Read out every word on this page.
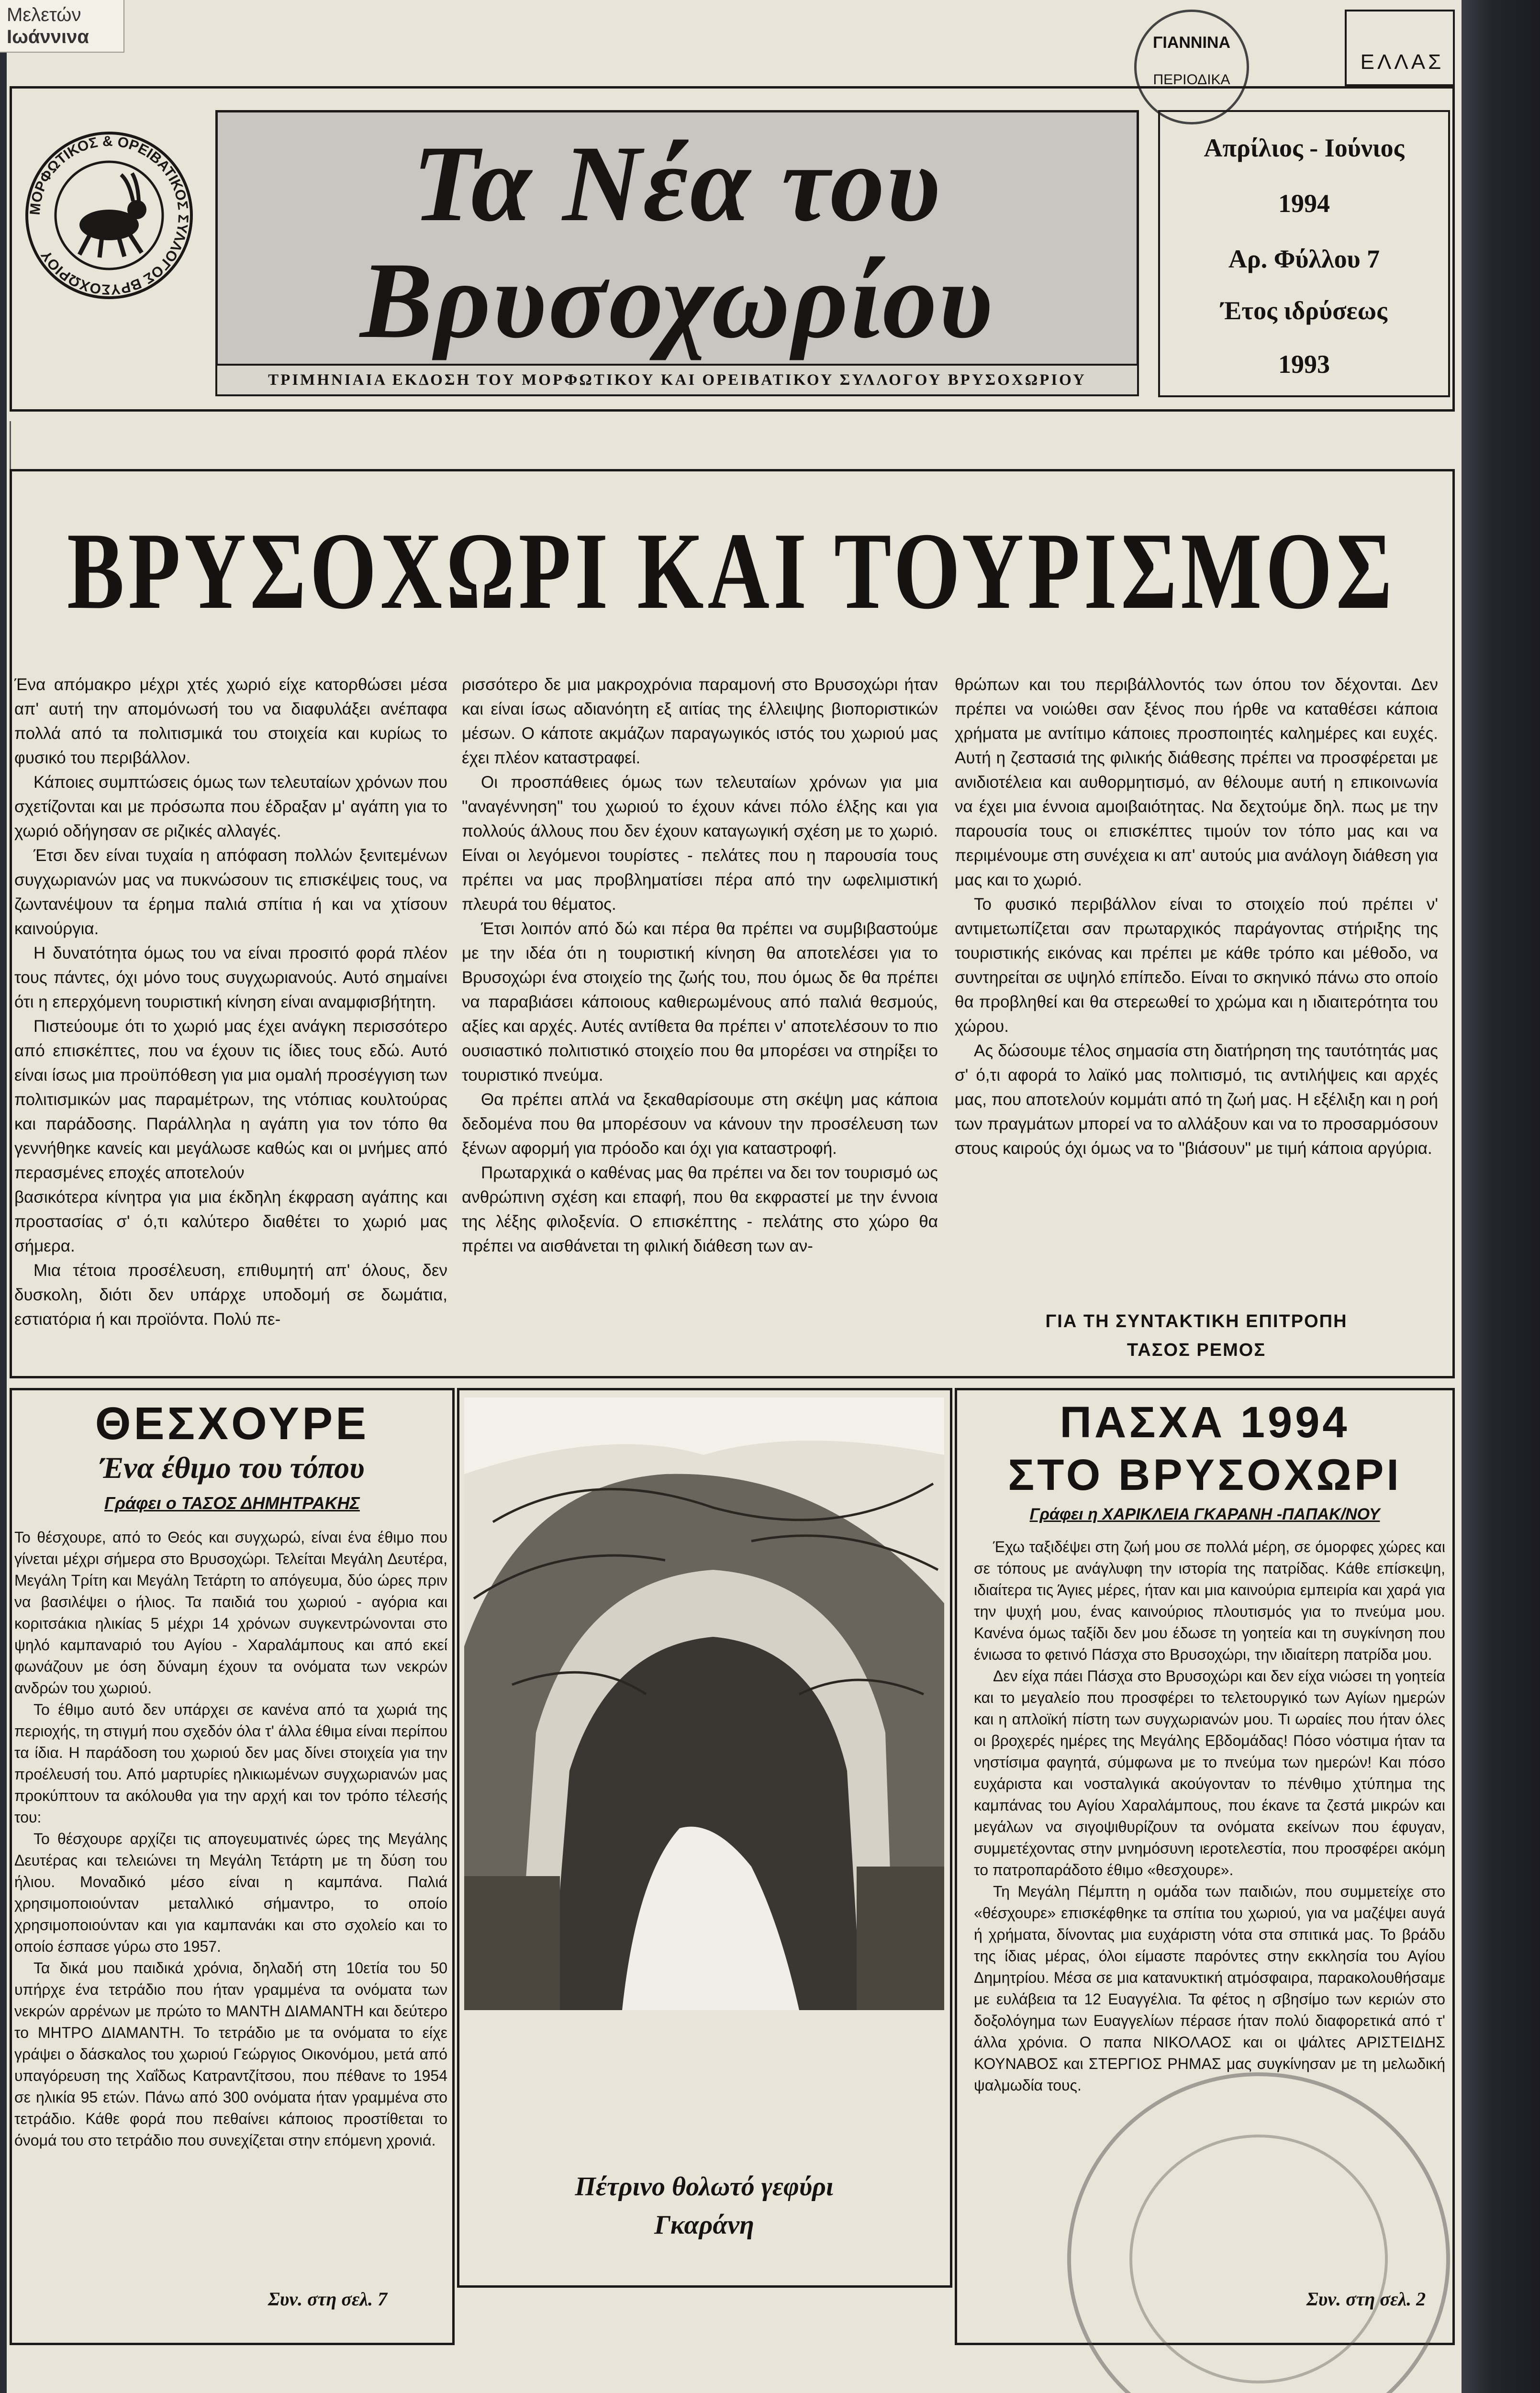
Μελετών
Ιωάννινα	ΓΙΑΝΝΙΝΑ
ΠΕΡΙΟΔΙΚΑ
ΕΛΛΑΣ
ΜΟΡΦΩΤΙΚΟΣ & ΟΡΕΙΒΑΤΙΚΟΣ ΣΥΛΛΟΓΟΣ ΒΡΥΣΟΧΩΡΙΟΥ
Τα Νέα του
Βρυσοχωρίου
ΤΡΙΜΗΝΙΑΙΑ ΕΚΔΟΣΗ ΤΟΥ ΜΟΡΦΩΤΙΚΟΥ ΚΑΙ ΟΡΕΙΒΑΤΙΚΟΥ ΣΥΛΛΟΓΟΥ ΒΡΥΣΟΧΩΡΙΟΥ
Απρίλιος - Ιούνιος
1994
Αρ. Φύλλου 7
Έτος ιδρύσεως
1993
ΒΡΥΣΟΧΩΡΙ ΚΑΙ ΤΟΥΡΙΣΜΟΣ

Ένα απόμακρο μέχρι χτές χωριό είχε κατορθώσει μέσα απ' αυτή την απομόνωσή του να διαφυλάξει ανέπαφα πολλά από τα πολιτισμικά του στοιχεία και κυρίως το φυσικό του περιβάλλον.

Κάποιες συμπτώσεις όμως των τελευταίων χρόνων που σχετίζονται και με πρόσωπα που έδραξαν μ' αγάπη για το χωριό οδήγησαν σε ριζικές αλλαγές.

Έτσι δεν είναι τυχαία η απόφαση πολλών ξενιτεμένων συγχωριανών μας να πυκνώσουν τις επισκέψεις τους, να ζωντανέψουν τα έρημα παλιά σπίτια ή και να χτίσουν καινούργια.

Η δυνατότητα όμως του να είναι προσιτό φορά πλέον τους πάντες, όχι μόνο τους συγχωριανούς. Αυτό σημαίνει ότι η επερχόμενη τουριστική κίνηση είναι αναμφισβήτητη.

Πιστεύουμε ότι το χωριό μας έχει ανάγκη περισσότερο από επισκέπτες, που να έχουν τις ίδιες τους εδώ. Αυτό είναι ίσως μια προϋπόθεση για μια ομαλή προσέγγιση των πολιτισμικών μας παραμέτρων, της ντόπιας κουλτούρας και παράδοσης. Παράλληλα η αγάπη για τον τόπο θα γεννήθηκε κανείς και μεγάλωσε καθώς και οι μνήμες από περασμένες εποχές αποτελούν

βασικότερα κίνητρα για μια έκδηλη έκφραση αγάπης και προστασίας σ' ό,τι καλύτερο διαθέτει το χωριό μας σήμερα.

Μια τέτοια προσέλευση, επιθυμητή απ' όλους, δεν δυσκολη, διότι δεν υπάρχε υποδομή σε δωμάτια, εστιατόρια ή και προϊόντα. Πολύ πε-

ρισσότερο δε μια μακροχρόνια παραμονή στο Βρυσοχώρι ήταν και είναι ίσως αδιανόητη εξ αιτίας της έλλειψης βιοποριστικών μέσων. Ο κάποτε ακμάζων παραγωγικός ιστός του χωριού μας έχει πλέον καταστραφεί.

Οι προσπάθειες όμως των τελευταίων χρόνων για μια "αναγέννηση" του χωριού το έχουν κάνει πόλο έλξης και για πολλούς άλλους που δεν έχουν καταγωγική σχέση με το χωριό. Είναι οι λεγόμενοι τουρίστες - πελάτες που η παρουσία τους πρέπει να μας προβληματίσει πέρα από την ωφελιμιστική πλευρά του θέματος.

Έτσι λοιπόν από δώ και πέρα θα πρέπει να συμβιβαστούμε με την ιδέα ότι η τουριστική κίνηση θα αποτελέσει για το Βρυσοχώρι ένα στοιχείο της ζωής του, που όμως δε θα πρέπει να παραβιάσει κάποιους καθιερωμένους από παλιά θεσμούς, αξίες και αρχές. Αυτές αντίθετα θα πρέπει ν' αποτελέσουν το πιο ουσιαστικό πολιτιστικό στοιχείο που θα μπορέσει να στηρίξει το τουριστικό πνεύμα.

Θα πρέπει απλά να ξεκαθαρίσουμε στη σκέψη μας κάποια δεδομένα που θα μπορέσουν να κάνουν την προσέλευση των ξένων αφορμή για πρόοδο και όχι για καταστροφή.

Πρωταρχικά ο καθένας μας θα πρέπει να δει τον τουρισμό ως ανθρώπινη σχέση και επαφή, που θα εκφραστεί με την έννοια της λέξης φιλοξενία. Ο επισκέπτης - πελάτης στο χώρο θα πρέπει να αισθάνεται τη φιλική διάθεση των αν-

θρώπων και του περιβάλλοντός των όπου τον δέχονται. Δεν πρέπει να νοιώθει σαν ξένος που ήρθε να καταθέσει κάποια χρήματα με αντίτιμο κάποιες προσποιητές καλημέρες και ευχές. Αυτή η ζεστασιά της φιλικής διάθεσης πρέπει να προσφέρεται με ανιδιοτέλεια και αυθορμητισμό, αν θέλουμε αυτή η επικοινωνία να έχει μια έννοια αμοιβαιότητας. Να δεχτούμε δηλ. πως με την παρουσία τους οι επισκέπτες τιμούν τον τόπο μας και να περιμένουμε στη συνέχεια κι απ' αυτούς μια ανάλογη διάθεση για μας και το χωριό.

Το φυσικό περιβάλλον είναι το στοιχείο πού πρέπει ν' αντιμετωπίζεται σαν πρωταρχικός παράγοντας στήριξης της τουριστικής εικόνας και πρέπει με κάθε τρόπο και μέθοδο, να συντηρείται σε υψηλό επίπεδο. Είναι το σκηνικό πάνω στο οποίο θα προβληθεί και θα στερεωθεί το χρώμα και η ιδιαιτερότητα του χώρου.

Ας δώσουμε τέλος σημασία στη διατήρηση της ταυτότητάς μας σ' ό,τι αφορά το λαϊκό μας πολιτισμό, τις αντιλήψεις και αρχές μας, που αποτελούν κομμάτι από τη ζωή μας. Η εξέλιξη και η ροή των πραγμάτων μπορεί να το αλλάξουν και να το προσαρμόσουν στους καιρούς όχι όμως να το "βιάσουν" με τιμή κάποια αργύρια.

ΓΙΑ ΤΗ ΣΥΝΤΑΚΤΙΚΗ ΕΠΙΤΡΟΠΗ
ΤΑΣΟΣ ΡΕΜΟΣ
ΘΕΣΧΟΥΡΕ
Ένα έθιμο του τόπου
Γράφει ο ΤΑΣΟΣ ΔΗΜΗΤΡΑΚΗΣ

Το θέσχουρε, από το Θεός και συγχωρώ, είναι ένα έθιμο που γίνεται μέχρι σήμερα στο Βρυσοχώρι. Τελείται Μεγάλη Δευτέρα, Μεγάλη Τρίτη και Μεγάλη Τετάρτη το απόγευμα, δύο ώρες πριν να βασιλέψει ο ήλιος. Τα παιδιά του χωριού - αγόρια και κοριτσάκια ηλικίας 5 μέχρι 14 χρόνων συγκεντρώνονται στο ψηλό καμπαναριό του Αγίου - Χαραλάμπους και από εκεί φωνάζουν με όση δύναμη έχουν τα ονόματα των νεκρών ανδρών του χωριού.

Το έθιμο αυτό δεν υπάρχει σε κανένα από τα χωριά της περιοχής, τη στιγμή που σχεδόν όλα τ' άλλα έθιμα είναι περίπου τα ίδια. Η παράδοση του χωριού δεν μας δίνει στοιχεία για την προέλευσή του. Από μαρτυρίες ηλικιωμένων συγχωριανών μας προκύπτουν τα ακόλουθα για την αρχή και τον τρόπο τέλεσής του:

Το θέσχουρε αρχίζει τις απογευματινές ώρες της Μεγάλης Δευτέρας και τελειώνει τη Μεγάλη Τετάρτη με τη δύση του ήλιου. Μοναδικό μέσο είναι η καμπάνα. Παλιά χρησιμοποιούνταν μεταλλικό σήμαντρο, το οποίο χρησιμοποιούνταν και για καμπανάκι και στο σχολείο και το οποίο έσπασε γύρω στο 1957.

Τα δικά μου παιδικά χρόνια, δηλαδή στη 10ετία του 50 υπήρχε ένα τετράδιο που ήταν γραμμένα τα ονόματα των νεκρών αρρένων με πρώτο το ΜΑΝΤΗ ΔΙΑΜΑΝΤΗ και δεύτερο το ΜΗΤΡΟ ΔΙΑΜΑΝΤΗ. Το τετράδιο με τα ονόματα το είχε γράψει ο δάσκαλος του χωριού Γεώργιος Οικονόμου, μετά από υπαγόρευση της Χαΐδως Κατραντζίτσου, που πέθανε το 1954 σε ηλικία 95 ετών. Πάνω από 300 ονόματα ήταν γραμμένα στο τετράδιο. Κάθε φορά που πεθαίνει κάποιος προστίθεται το όνομά του στο τετράδιο που συνεχίζεται στην επόμενη χρονιά.

Συν. στη σελ. 7
Πέτρινο θολωτό γεφύρι
Γκαράνη
ΠΑΣΧΑ 1994
ΣΤΟ ΒΡΥΣΟΧΩΡΙ
Γράφει η ΧΑΡΙΚΛΕΙΑ ΓΚΑΡΑΝΗ -ΠΑΠΑΚ/ΝΟΥ

Έχω ταξιδέψει στη ζωή μου σε πολλά μέρη, σε όμορφες χώρες και σε τόπους με ανάγλυφη την ιστορία της πατρίδας. Κάθε επίσκεψη, ιδιαίτερα τις Άγιες μέρες, ήταν και μια καινούρια εμπειρία και χαρά για την ψυχή μου, ένας καινούριος πλουτισμός για το πνεύμα μου. Κανένα όμως ταξίδι δεν μου έδωσε τη γοητεία και τη συγκίνηση που ένιωσα το φετινό Πάσχα στο Βρυσοχώρι, την ιδιαίτερη πατρίδα μου.

Δεν είχα πάει Πάσχα στο Βρυσοχώρι και δεν είχα νιώσει τη γοητεία και το μεγαλείο που προσφέρει το τελετουργικό των Αγίων ημερών και η απλοϊκή πίστη των συγχωριανών μου. Τι ωραίες που ήταν όλες οι βροχερές ημέρες της Μεγάλης Εβδομάδας! Πόσο νόστιμα ήταν τα νηστίσιμα φαγητά, σύμφωνα με το πνεύμα των ημερών! Και πόσο ευχάριστα και νοσταλγικά ακούγονταν το πένθιμο χτύπημα της καμπάνας του Αγίου Χαραλάμπους, που έκανε τα ζεστά μικρών και μεγάλων να σιγοψιθυρίζουν τα ονόματα εκείνων που έφυγαν, συμμετέχοντας στην μνημόσυνη ιεροτελεστία, που προσφέρει ακόμη το πατροπαράδοτο έθιμο «θεσχουρε».

Τη Μεγάλη Πέμπτη η ομάδα των παιδιών, που συμμετείχε στο «θέσχουρε» επισκέφθηκε τα σπίτια του χωριού, για να μαζέψει αυγά ή χρήματα, δίνοντας μια ευχάριστη νότα στα σπιτικά μας. Το βράδυ της ίδιας μέρας, όλοι είμαστε παρόντες στην εκκλησία του Αγίου Δημητρίου. Μέσα σε μια κατανυκτική ατμόσφαιρα, παρακολουθήσαμε με ευλάβεια τα 12 Ευαγγέλια. Τα φέτος η σβησίμο των κεριών στο δοξολόγημα των Ευαγγελίων πέρασε ήταν πολύ διαφορετικά από τ' άλλα χρόνια. Ο παπα ΝΙΚΟΛΑΟΣ και οι ψάλτες ΑΡΙΣΤΕΙΔΗΣ ΚΟΥΝΑΒΟΣ και ΣΤΕΡΓΙΟΣ ΡΗΜΑΣ μας συγκίνησαν με τη μελωδική ψαλμωδία τους.

Συν. στη σελ. 2
